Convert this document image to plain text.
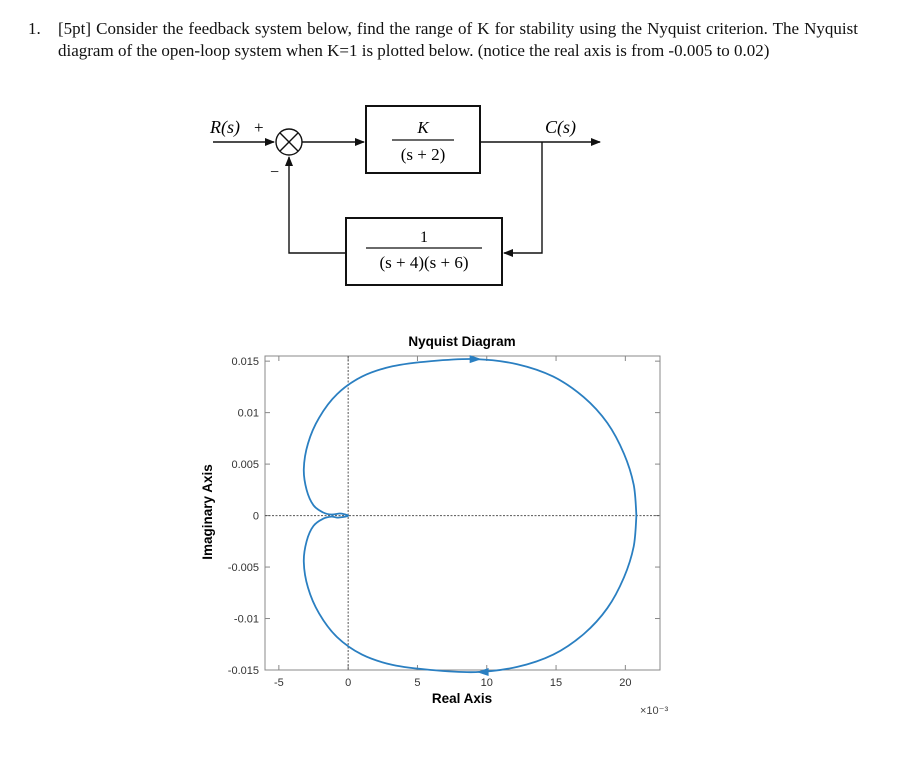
1. [5pt] Consider the feedback system below, find the range of K for stability using the Nyquist criterion. The Nyquist diagram of the open-loop system when K=1 is plotted below. (notice the real axis is from -0.005 to 0.02)
R(s) +
−
K
(s + 2)
C(s)
1
(s + 4)(s + 6)
Nyquist Diagram
Real Axis
Imaginary Axis
×10⁻³
-5	0	5	10	15	20
0.015
0.01
0.005
0
-0.005
-0.01
-0.015
